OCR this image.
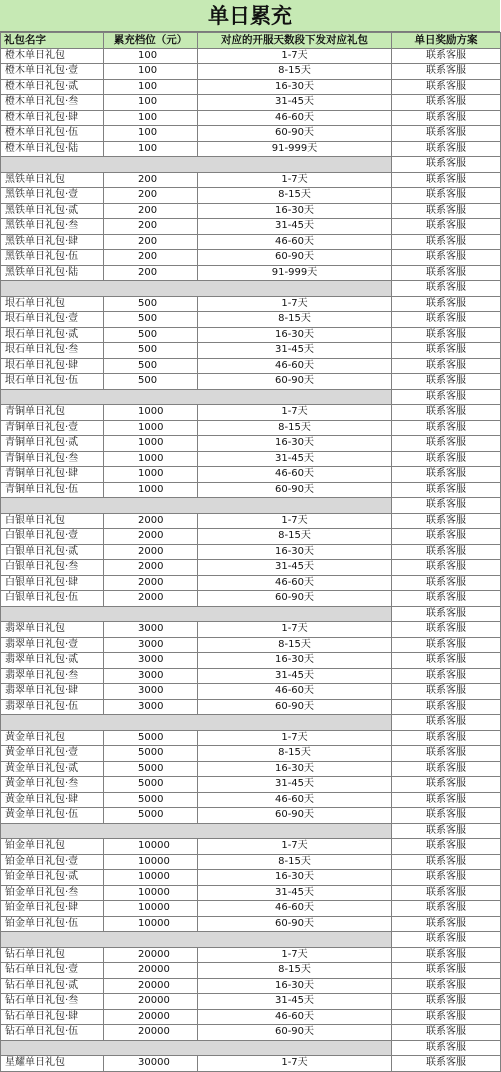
单日累充
礼包名字	累充档位（元）	对应的开服天数段下发对应礼包	单日奖励方案
橙木单日礼包	100	1-7天	联系客服
橙木单日礼包·壹	100	8-15天	联系客服
橙木单日礼包·贰	100	16-30天	联系客服
橙木单日礼包·叁	100	31-45天	联系客服
橙木单日礼包·肆	100	46-60天	联系客服
橙木单日礼包·伍	100	60-90天	联系客服
橙木单日礼包·陆	100	91-999天	联系客服
			联系客服
黑铁单日礼包	200	1-7天	联系客服
黑铁单日礼包·壹	200	8-15天	联系客服
黑铁单日礼包·贰	200	16-30天	联系客服
黑铁单日礼包·叁	200	31-45天	联系客服
黑铁单日礼包·肆	200	46-60天	联系客服
黑铁单日礼包·伍	200	60-90天	联系客服
黑铁单日礼包·陆	200	91-999天	联系客服
			联系客服
垠石单日礼包	500	1-7天	联系客服
垠石单日礼包·壹	500	8-15天	联系客服
垠石单日礼包·贰	500	16-30天	联系客服
垠石单日礼包·叁	500	31-45天	联系客服
垠石单日礼包·肆	500	46-60天	联系客服
垠石单日礼包·伍	500	60-90天	联系客服
			联系客服
青铜单日礼包	1000	1-7天	联系客服
青铜单日礼包·壹	1000	8-15天	联系客服
青铜单日礼包·贰	1000	16-30天	联系客服
青铜单日礼包·叁	1000	31-45天	联系客服
青铜单日礼包·肆	1000	46-60天	联系客服
青铜单日礼包·伍	1000	60-90天	联系客服
			联系客服
白银单日礼包	2000	1-7天	联系客服
白银单日礼包·壹	2000	8-15天	联系客服
白银单日礼包·贰	2000	16-30天	联系客服
白银单日礼包·叁	2000	31-45天	联系客服
白银单日礼包·肆	2000	46-60天	联系客服
白银单日礼包·伍	2000	60-90天	联系客服
			联系客服
翡翠单日礼包	3000	1-7天	联系客服
翡翠单日礼包·壹	3000	8-15天	联系客服
翡翠单日礼包·贰	3000	16-30天	联系客服
翡翠单日礼包·叁	3000	31-45天	联系客服
翡翠单日礼包·肆	3000	46-60天	联系客服
翡翠单日礼包·伍	3000	60-90天	联系客服
			联系客服
黄金单日礼包	5000	1-7天	联系客服
黄金单日礼包·壹	5000	8-15天	联系客服
黄金单日礼包·贰	5000	16-30天	联系客服
黄金单日礼包·叁	5000	31-45天	联系客服
黄金单日礼包·肆	5000	46-60天	联系客服
黄金单日礼包·伍	5000	60-90天	联系客服
			联系客服
铂金单日礼包	10000	1-7天	联系客服
铂金单日礼包·壹	10000	8-15天	联系客服
铂金单日礼包·贰	10000	16-30天	联系客服
铂金单日礼包·叁	10000	31-45天	联系客服
铂金单日礼包·肆	10000	46-60天	联系客服
铂金单日礼包·伍	10000	60-90天	联系客服
			联系客服
钻石单日礼包	20000	1-7天	联系客服
钻石单日礼包·壹	20000	8-15天	联系客服
钻石单日礼包·贰	20000	16-30天	联系客服
钻石单日礼包·叁	20000	31-45天	联系客服
钻石单日礼包·肆	20000	46-60天	联系客服
钻石单日礼包·伍	20000	60-90天	联系客服
			联系客服
星耀单日礼包	30000	1-7天	联系客服
